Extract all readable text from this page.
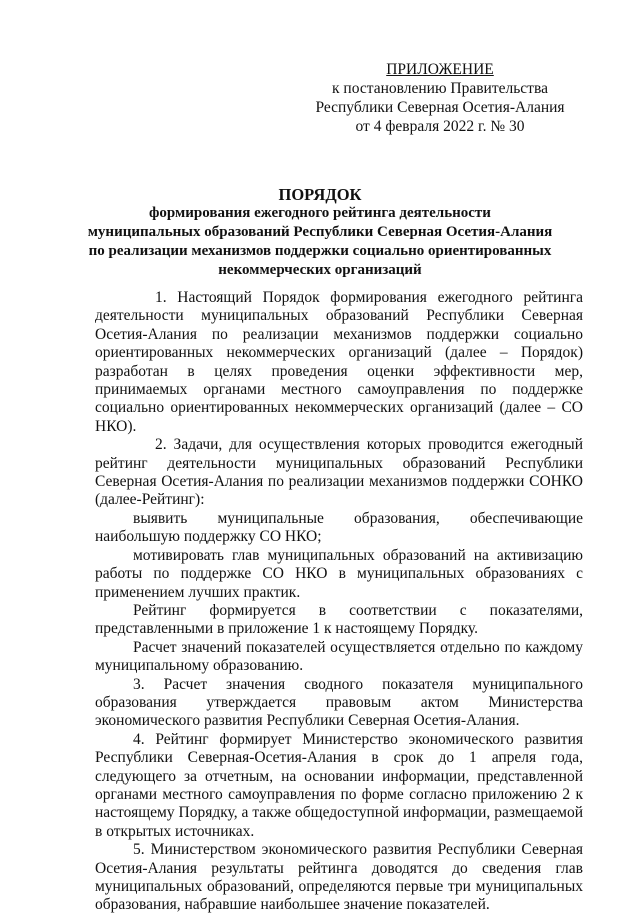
ПРИЛОЖЕНИЕ
к постановлению Правительства
Республики Северная Осетия-Алания
от 4 февраля 2022 г. № 30
ПОРЯДОК
формирования ежегодного рейтинга деятельности
муниципальных образований Республики Северная Осетия-Алания
по реализации механизмов поддержки социально ориентированных
некоммерческих организаций

1. Настоящий Порядок формирования ежегодного рейтинга деятельности муниципальных образований Республики Северная Осетия-Алания по реализации механизмов поддержки социально ориентированных некоммерческих организаций (далее – Порядок) разработан в целях проведения оценки эффективности мер, принимаемых органами местного самоуправления по поддержке социально ориентированных некоммерческих организаций (далее – СО НКО).

2. Задачи, для осуществления которых проводится ежегодный рейтинг деятельности муниципальных образований Республики Северная Осетия-Алания по реализации механизмов поддержки СОНКО (далее-Рейтинг):

выявить муниципальные образования, обеспечивающие наибольшую поддержку СО НКО;

мотивировать глав муниципальных образований на активизацию работы по поддержке СО НКО в муниципальных образованиях с применением лучших практик.

Рейтинг формируется в соответствии с показателями, представленными в приложение 1 к настоящему Порядку.

Расчет значений показателей осуществляется отдельно по каждому муниципальному образованию.

3. Расчет значения сводного показателя муниципального образования утверждается правовым актом Министерства экономического развития Республики Северная Осетия-Алания.

4. Рейтинг формирует Министерство экономического развития Республики Северная-Осетия-Алания в срок до 1 апреля года, следующего за отчетным, на основании информации, представленной органами местного самоуправления по форме согласно приложению 2 к настоящему Порядку, а также общедоступной информации, размещаемой в открытых источниках.

5. Министерством экономического развития Республики Северная Осетия-Алания результаты рейтинга доводятся до сведения глав муниципальных образований, определяются первые три муниципальных образования, набравшие наибольшее значение показателей.
